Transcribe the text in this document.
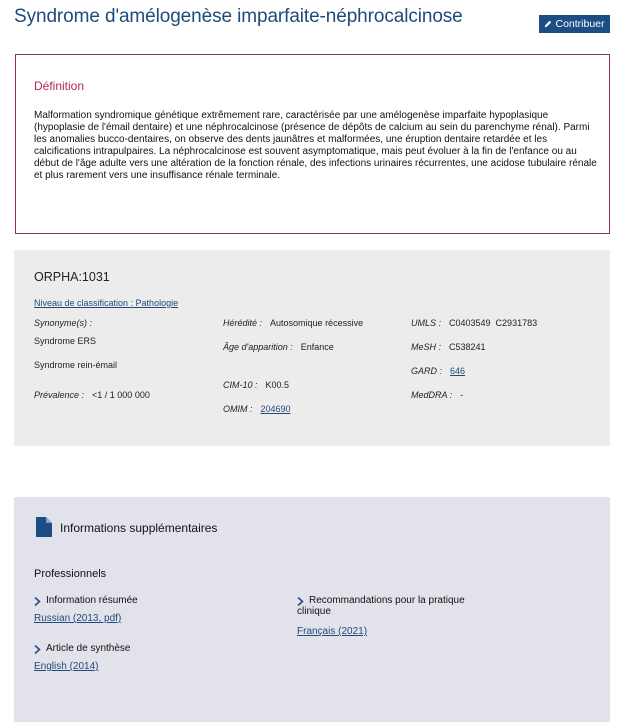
Syndrome d'amélogenèse imparfaite-néphrocalcinose	Contribuer
Définition

Malformation syndromique génétique extrêmement rare, caractérisée par une amélogenèse imparfaite hypoplasique (hypoplasie de l'émail dentaire) et une néphrocalcinose (présence de dépôts de calcium au sein du parenchyme rénal). Parmi les anomalies bucco-dentaires, on observe des dents jaunâtres et malformées, une éruption dentaire retardée et les calcifications intrapulpaires. La néphrocalcinose est souvent asymptomatique, mais peut évoluer à la fin de l'enfance ou au début de l'âge adulte vers une altération de la fonction rénale, des infections urinaires récurrentes, une acidose tubulaire rénale et plus rarement vers une insuffisance rénale terminale.

ORPHA:1031
Niveau de classification : Pathologie
Synonyme(s) :
Syndrome ERS
Syndrome rein-émail
Prévalence : <1 / 1 000 000
Hérédité : Autosomique récessive
Âge d'apparition : Enfance
CIM-10 : K00.5
OMIM : 204690
UMLS : C0403549  C2931783
MeSH : C538241
GARD : 646
MedDRA : -
Informations supplémentaires
Professionnels
Information résumée
Russian (2013, pdf)
Article de synthèse
English (2014)
Recommandations pour la pratique
clinique
Français (2021)
